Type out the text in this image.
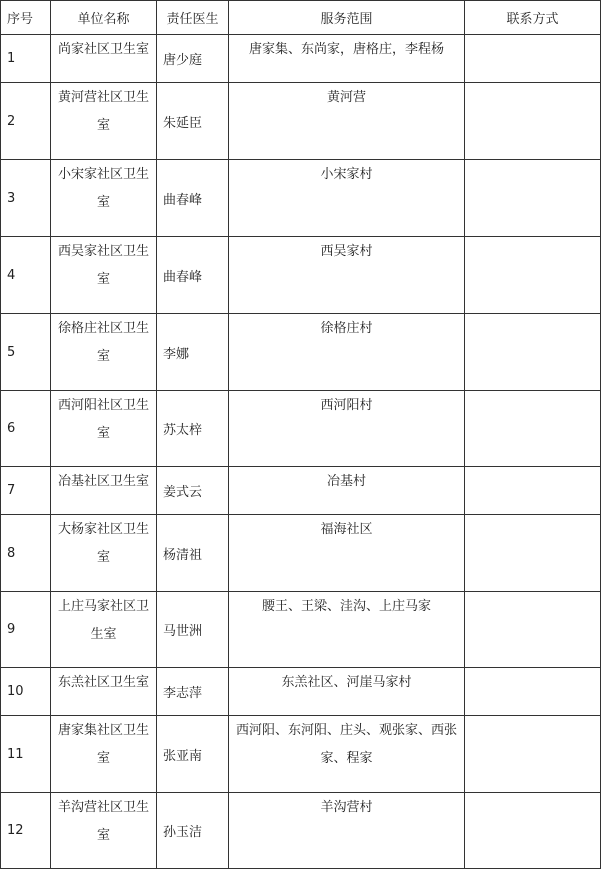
序号	单位名称	责任医生	服务范围	联系方式
1	尚家社区卫生室	唐少庭	唐家集、东尚家，唐格庄，李程杨	
2	黄河营社区卫生室	朱延臣	黄河营	
3	小宋家社区卫生室	曲春峰	小宋家村	
4	西吴家社区卫生室	曲春峰	西吴家村	
5	徐格庄社区卫生室	李娜	徐格庄村	
6	西河阳社区卫生室	苏太梓	西河阳村	
7	冶基社区卫生室	姜式云	冶基村	
8	大杨家社区卫生室	杨清祖	福海社区	
9	上庄马家社区卫生室	马世洲	腰王、王梁、洼沟、上庄马家	
10	东羔社区卫生室	李志萍	东羔社区、河崖马家村	
11	唐家集社区卫生室	张亚南	西河阳、东河阳、庄头、观张家、西张家、程家	
12	羊沟营社区卫生室	孙玉洁	羊沟营村	
